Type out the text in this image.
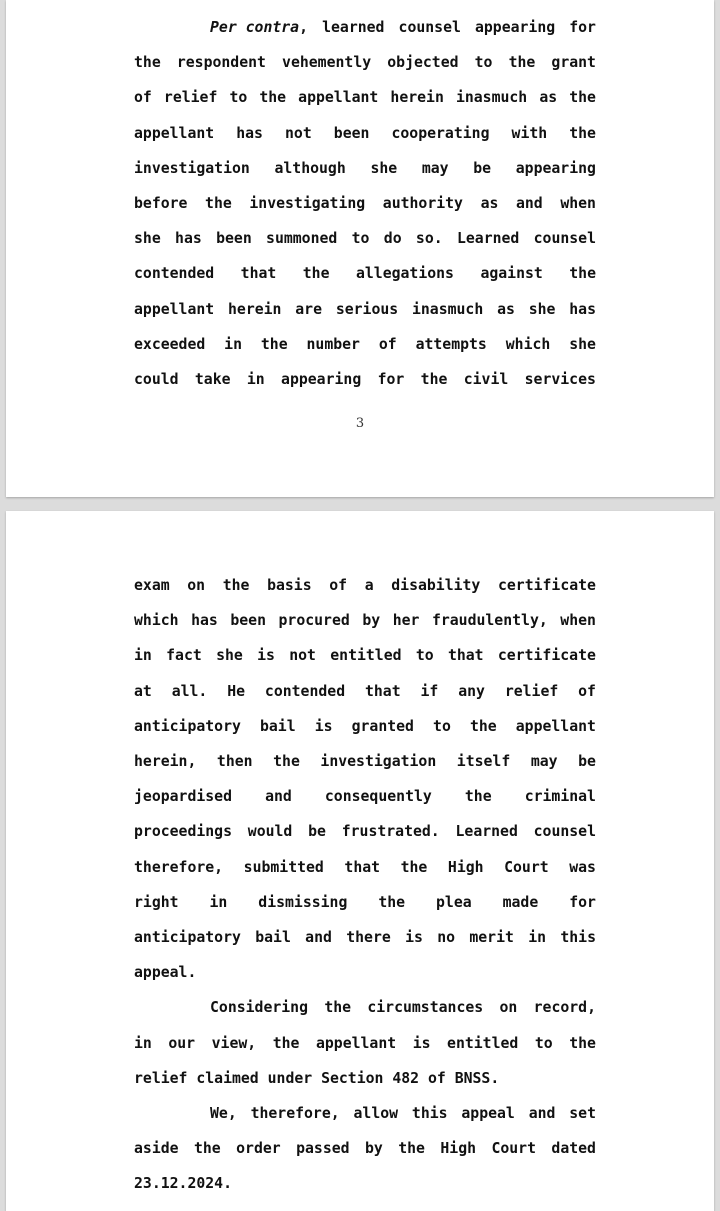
Per contra, learned counsel appearing for
the respondent vehemently objected to the grant
of relief to the appellant herein inasmuch as the
appellant has not been cooperating with the
investigation although she may be appearing
before the investigating authority as and when
she has been summoned to do so. Learned counsel
contended that the allegations against the
appellant herein are serious inasmuch as she has
exceeded in the number of attempts which she
could take in appearing for the civil services
3
exam on the basis of a disability certificate
which has been procured by her fraudulently, when
in fact she is not entitled to that certificate
at all. He contended that if any relief of
anticipatory bail is granted to the appellant
herein, then the investigation itself may be
jeopardised and consequently the criminal
proceedings would be frustrated. Learned counsel
therefore, submitted that the High Court was
right in dismissing the plea made for
anticipatory bail and there is no merit in this
appeal.
Considering the circumstances on record,
in our view, the appellant is entitled to the
relief claimed under Section 482 of BNSS.
We, therefore, allow this appeal and set
aside the order passed by the High Court dated
23.12.2024.
